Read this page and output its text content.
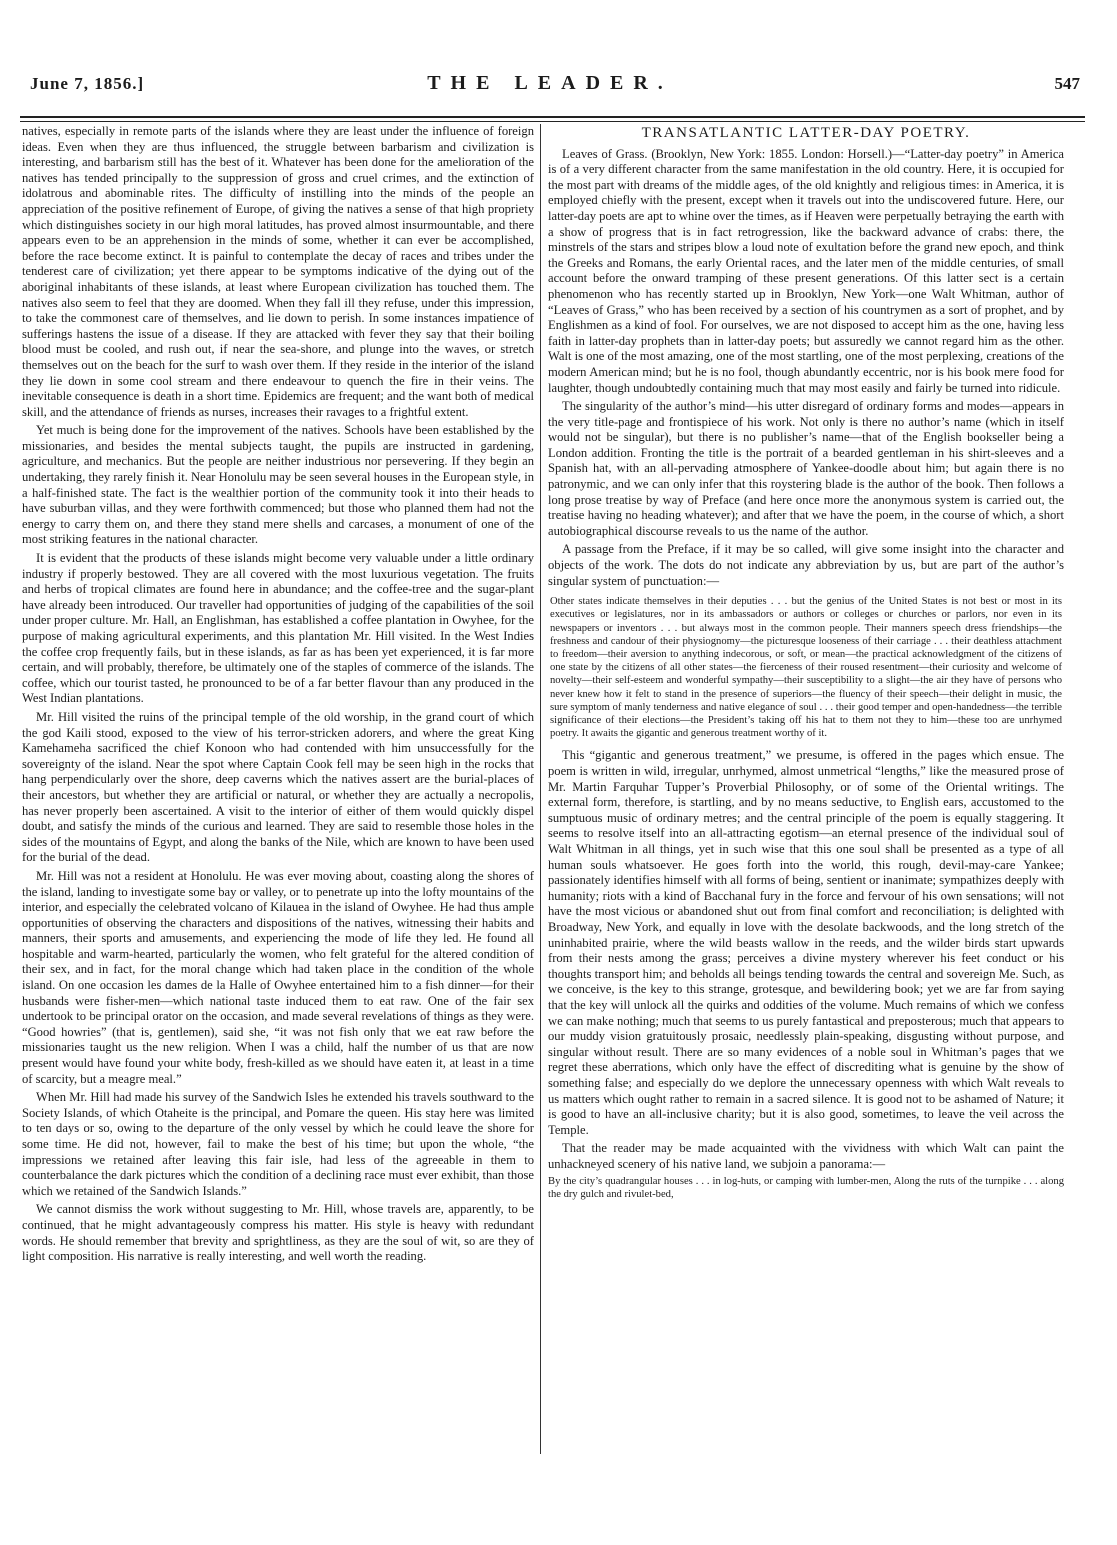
June 7, 1856.]	THE LEADER.	547

natives, especially in remote parts of the islands where they are least under the influence of foreign ideas. Even when they are thus influenced, the struggle between barbarism and civilization is interesting, and barbarism still has the best of it. Whatever has been done for the amelioration of the natives has tended principally to the suppression of gross and cruel crimes, and the extinction of idolatrous and abominable rites. The difficulty of instilling into the minds of the people an appreciation of the positive refinement of Europe, of giving the natives a sense of that high propriety which distinguishes society in our high moral latitudes, has proved almost insurmountable, and there appears even to be an apprehension in the minds of some, whether it can ever be accomplished, before the race become extinct. It is painful to contemplate the decay of races and tribes under the tenderest care of civilization; yet there appear to be symptoms indicative of the dying out of the aboriginal inhabitants of these islands, at least where European civilization has touched them. The natives also seem to feel that they are doomed. When they fall ill they refuse, under this impression, to take the commonest care of themselves, and lie down to perish. In some instances impatience of sufferings hastens the issue of a disease. If they are attacked with fever they say that their boiling blood must be cooled, and rush out, if near the sea-shore, and plunge into the waves, or stretch themselves out on the beach for the surf to wash over them. If they reside in the interior of the island they lie down in some cool stream and there endeavour to quench the fire in their veins. The inevitable consequence is death in a short time. Epidemics are frequent; and the want both of medical skill, and the attendance of friends as nurses, increases their ravages to a frightful extent.

Yet much is being done for the improvement of the natives. Schools have been established by the missionaries, and besides the mental subjects taught, the pupils are instructed in gardening, agriculture, and mechanics. But the people are neither industrious nor persevering. If they begin an undertaking, they rarely finish it. Near Honolulu may be seen several houses in the European style, in a half-finished state. The fact is the wealthier portion of the community took it into their heads to have suburban villas, and they were forthwith commenced; but those who planned them had not the energy to carry them on, and there they stand mere shells and carcases, a monument of one of the most striking features in the national character.

It is evident that the products of these islands might become very valuable under a little ordinary industry if properly bestowed. They are all covered with the most luxurious vegetation. The fruits and herbs of tropical climates are found here in abundance; and the coffee-tree and the sugar-plant have already been introduced. Our traveller had opportunities of judging of the capabilities of the soil under proper culture. Mr. Hall, an Englishman, has established a coffee plantation in Owyhee, for the purpose of making agricultural experiments, and this plantation Mr. Hill visited. In the West Indies the coffee crop frequently fails, but in these islands, as far as has been yet experienced, it is far more certain, and will probably, therefore, be ultimately one of the staples of commerce of the islands. The coffee, which our tourist tasted, he pronounced to be of a far better flavour than any produced in the West Indian plantations.

Mr. Hill visited the ruins of the principal temple of the old worship, in the grand court of which the god Kaili stood, exposed to the view of his terror-stricken adorers, and where the great King Kamehameha sacrificed the chief Konoon who had contended with him unsuccessfully for the sovereignty of the island. Near the spot where Captain Cook fell may be seen high in the rocks that hang perpendicularly over the shore, deep caverns which the natives assert are the burial-places of their ancestors, but whether they are artificial or natural, or whether they are actually a necropolis, has never properly been ascertained. A visit to the interior of either of them would quickly dispel doubt, and satisfy the minds of the curious and learned. They are said to resemble those holes in the sides of the mountains of Egypt, and along the banks of the Nile, which are known to have been used for the burial of the dead.

Mr. Hill was not a resident at Honolulu. He was ever moving about, coasting along the shores of the island, landing to investigate some bay or valley, or to penetrate up into the lofty mountains of the interior, and especially the celebrated volcano of Kilauea in the island of Owyhee. He had thus ample opportunities of observing the characters and dispositions of the natives, witnessing their habits and manners, their sports and amusements, and experiencing the mode of life they led. He found all hospitable and warm-hearted, particularly the women, who felt grateful for the altered condition of their sex, and in fact, for the moral change which had taken place in the condition of the whole island. On one occasion les dames de la Halle of Owyhee entertained him to a fish dinner—for their husbands were fisher-men—which national taste induced them to eat raw. One of the fair sex undertook to be principal orator on the occasion, and made several revelations of things as they were. “Good howries” (that is, gentlemen), said she, “it was not fish only that we eat raw before the missionaries taught us the new religion. When I was a child, half the number of us that are now present would have found your white body, fresh-killed as we should have eaten it, at least in a time of scarcity, but a meagre meal.”

When Mr. Hill had made his survey of the Sandwich Isles he extended his travels southward to the Society Islands, of which Otaheite is the principal, and Pomare the queen. His stay here was limited to ten days or so, owing to the departure of the only vessel by which he could leave the shore for some time. He did not, however, fail to make the best of his time; but upon the whole, “the impressions we retained after leaving this fair isle, had less of the agreeable in them to counterbalance the dark pictures which the condition of a declining race must ever exhibit, than those which we retained of the Sandwich Islands.”

We cannot dismiss the work without suggesting to Mr. Hill, whose travels are, apparently, to be continued, that he might advantageously compress his matter. His style is heavy with redundant words. He should remember that brevity and sprightliness, as they are the soul of wit, so are they of light composition. His narrative is really interesting, and well worth the reading.

TRANSATLANTIC LATTER-DAY POETRY.

Leaves of Grass. (Brooklyn, New York: 1855. London: Horsell.)—“Latter-day poetry” in America is of a very different character from the same manifestation in the old country. Here, it is occupied for the most part with dreams of the middle ages, of the old knightly and religious times: in America, it is employed chiefly with the present, except when it travels out into the undiscovered future. Here, our latter-day poets are apt to whine over the times, as if Heaven were perpetually betraying the earth with a show of progress that is in fact retrogression, like the backward advance of crabs: there, the minstrels of the stars and stripes blow a loud note of exultation before the grand new epoch, and think the Greeks and Romans, the early Oriental races, and the later men of the middle centuries, of small account before the onward tramping of these present generations. Of this latter sect is a certain phenomenon who has recently started up in Brooklyn, New York—one Walt Whitman, author of “Leaves of Grass,” who has been received by a section of his countrymen as a sort of prophet, and by Englishmen as a kind of fool. For ourselves, we are not disposed to accept him as the one, having less faith in latter-day prophets than in latter-day poets; but assuredly we cannot regard him as the other. Walt is one of the most amazing, one of the most startling, one of the most perplexing, creations of the modern American mind; but he is no fool, though abundantly eccentric, nor is his book mere food for laughter, though undoubtedly containing much that may most easily and fairly be turned into ridicule.

The singularity of the author’s mind—his utter disregard of ordinary forms and modes—appears in the very title-page and frontispiece of his work. Not only is there no author’s name (which in itself would not be singular), but there is no publisher’s name—that of the English bookseller being a London addition. Fronting the title is the portrait of a bearded gentleman in his shirt-sleeves and a Spanish hat, with an all-pervading atmosphere of Yankee-doodle about him; but again there is no patronymic, and we can only infer that this roystering blade is the author of the book. Then follows a long prose treatise by way of Preface (and here once more the anonymous system is carried out, the treatise having no heading whatever); and after that we have the poem, in the course of which, a short autobiographical discourse reveals to us the name of the author.

A passage from the Preface, if it may be so called, will give some insight into the character and objects of the work. The dots do not indicate any abbreviation by us, but are part of the author’s singular system of punctuation:—

Other states indicate themselves in their deputies . . . but the genius of the United States is not best or most in its executives or legislatures, nor in its ambassadors or authors or colleges or churches or parlors, nor even in its newspapers or inventors . . . but always most in the common people. Their manners speech dress friendships—the freshness and candour of their physiognomy—the picturesque looseness of their carriage . . . their deathless attachment to freedom—their aversion to anything indecorous, or soft, or mean—the practical acknowledgment of the citizens of one state by the citizens of all other states—the fierceness of their roused resentment—their curiosity and welcome of novelty—their self-esteem and wonderful sympathy—their susceptibility to a slight—the air they have of persons who never knew how it felt to stand in the presence of superiors—the fluency of their speech—their delight in music, the sure symptom of manly tenderness and native elegance of soul . . . their good temper and open-handedness—the terrible significance of their elections—the President’s taking off his hat to them not they to him—these too are unrhymed poetry. It awaits the gigantic and generous treatment worthy of it.

This “gigantic and generous treatment,” we presume, is offered in the pages which ensue. The poem is written in wild, irregular, unrhymed, almost unmetrical “lengths,” like the measured prose of Mr. Martin Farquhar Tupper’s Proverbial Philosophy, or of some of the Oriental writings. The external form, therefore, is startling, and by no means seductive, to English ears, accustomed to the sumptuous music of ordinary metres; and the central principle of the poem is equally staggering. It seems to resolve itself into an all-attracting egotism—an eternal presence of the individual soul of Walt Whitman in all things, yet in such wise that this one soul shall be presented as a type of all human souls whatsoever. He goes forth into the world, this rough, devil-may-care Yankee; passionately identifies himself with all forms of being, sentient or inanimate; sympathizes deeply with humanity; riots with a kind of Bacchanal fury in the force and fervour of his own sensations; will not have the most vicious or abandoned shut out from final comfort and reconciliation; is delighted with Broadway, New York, and equally in love with the desolate backwoods, and the long stretch of the uninhabited prairie, where the wild beasts wallow in the reeds, and the wilder birds start upwards from their nests among the grass; perceives a divine mystery wherever his feet conduct or his thoughts transport him; and beholds all beings tending towards the central and sovereign Me. Such, as we conceive, is the key to this strange, grotesque, and bewildering book; yet we are far from saying that the key will unlock all the quirks and oddities of the volume. Much remains of which we confess we can make nothing; much that seems to us purely fantastical and preposterous; much that appears to our muddy vision gratuitously prosaic, needlessly plain-speaking, disgusting without purpose, and singular without result. There are so many evidences of a noble soul in Whitman’s pages that we regret these aberrations, which only have the effect of discrediting what is genuine by the show of something false; and especially do we deplore the unnecessary openness with which Walt reveals to us matters which ought rather to remain in a sacred silence. It is good not to be ashamed of Nature; it is good to have an all-inclusive charity; but it is also good, sometimes, to leave the veil across the Temple.

That the reader may be made acquainted with the vividness with which Walt can paint the unhackneyed scenery of his native land, we subjoin a panorama:—

By the city’s quadrangular houses . . . in log-huts, or camping with lumber-men, Along the ruts of the turnpike . . . along the dry gulch and rivulet-bed,
